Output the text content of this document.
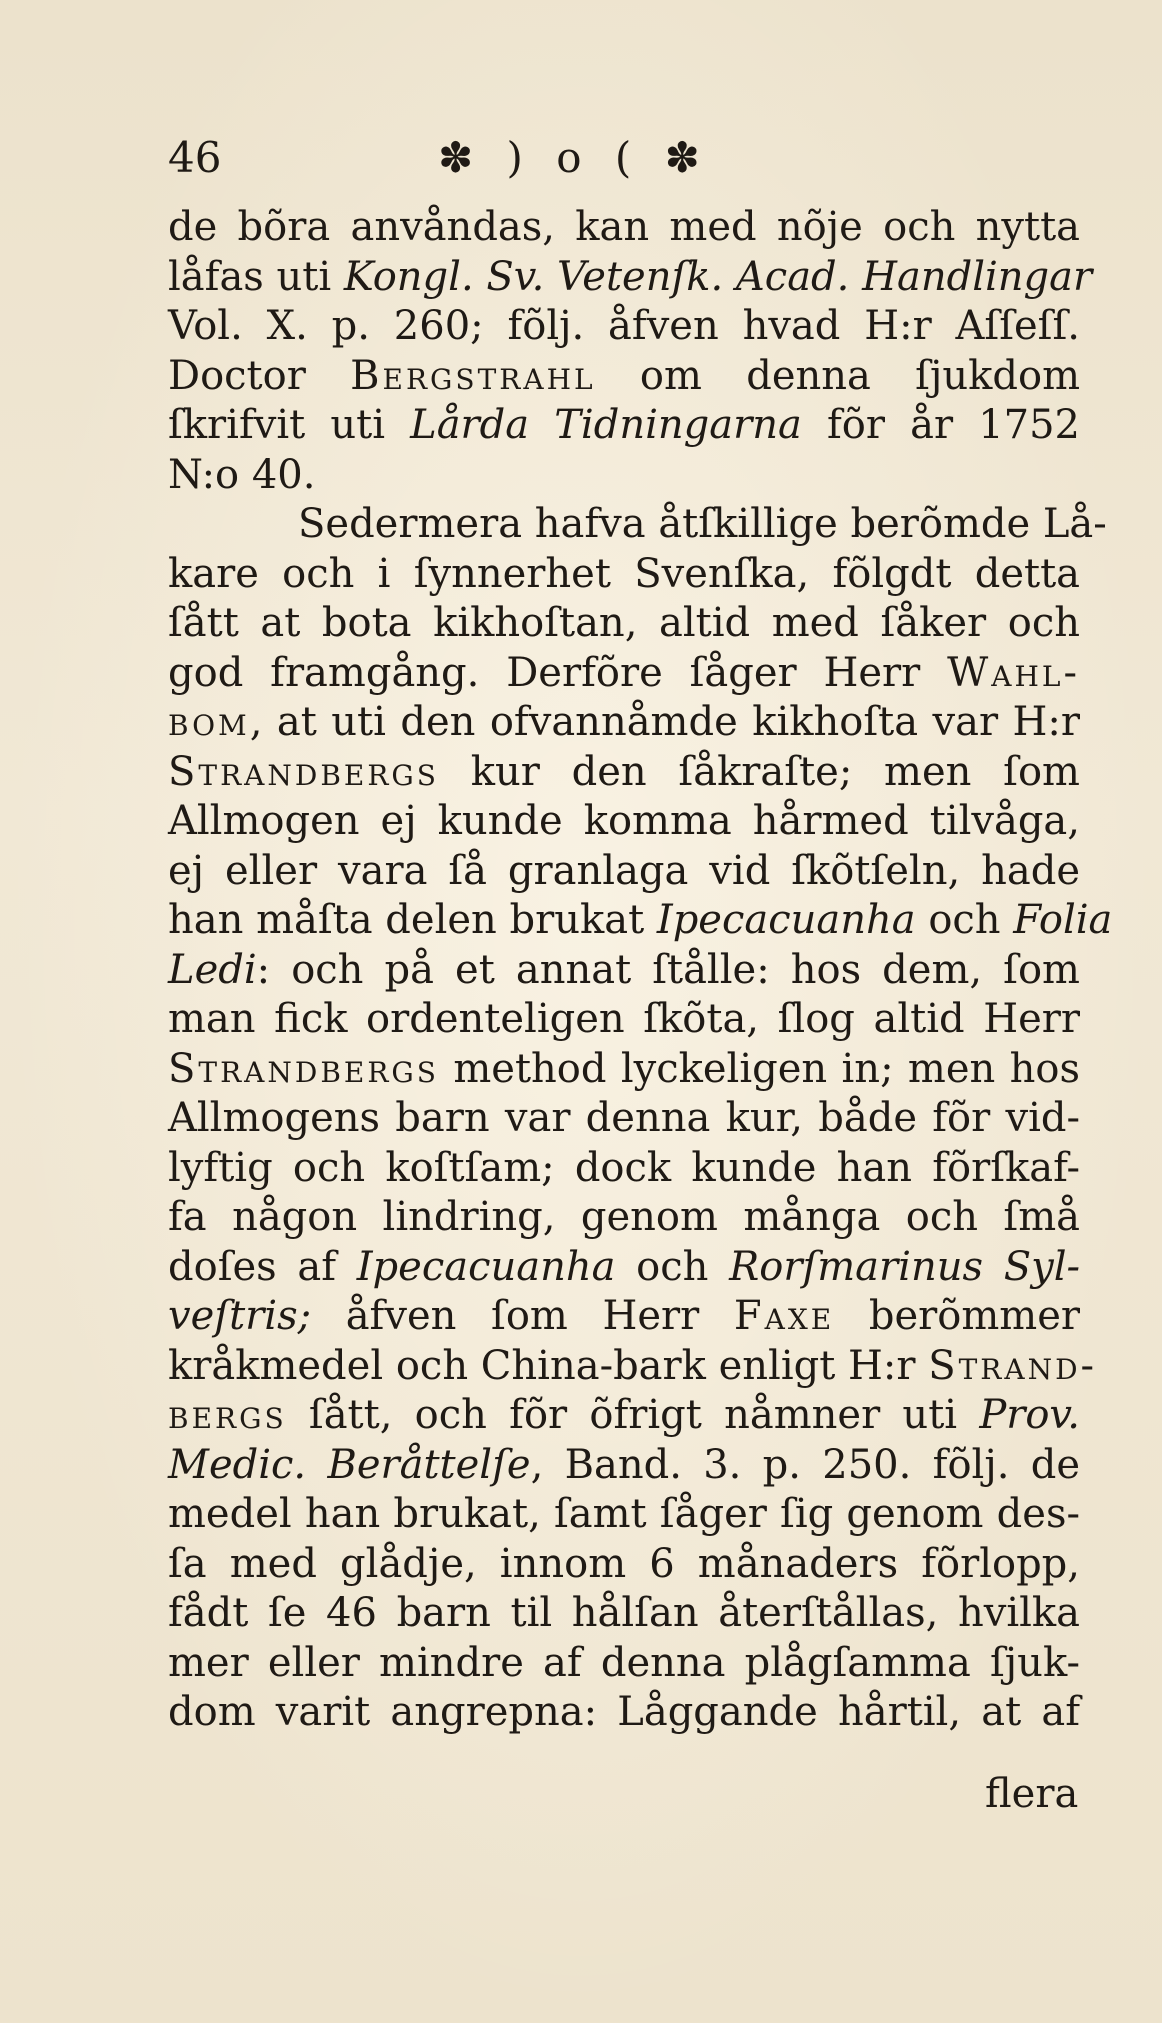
46	✽ ) o ( ✽
de bõra anvåndas, kan med nõje och nytta
låfas uti Kongl. Sv. Vetenſk. Acad. Handlingar
Vol. X. p. 260; fõlj. åfven hvad H:r Aſſeſſ.
Doctor Bergstrahl om denna ſjukdom
ſkrifvit uti Lårda Tidningarna fõr år 1752
N:o 40.
Sedermera hafva åtſkillige berõmde Lå-
kare och i ſynnerhet Svenſka, fõlgdt detta
ſått at bota kikhoſtan, altid med ſåker och
god framgång. Derfõre ſåger Herr Wahl-
bom, at uti den ofvannåmde kikhoſta var H:r
Strandbergs kur den ſåkraſte; men ſom
Allmogen ej kunde komma hårmed tilvåga,
ej eller vara ſå granlaga vid ſkõtſeln, hade
han måſta delen brukat Ipecacuanha och Folia
Ledi: och på et annat ſtålle: hos dem, ſom
man fick ordenteligen ſkõta, ſlog altid Herr
Strandbergs method lyckeligen in; men hos
Allmogens barn var denna kur, både fõr vid-
lyftig och koſtſam; dock kunde han fõrſkaf-
fa någon lindring, genom många och ſmå
doſes af Ipecacuanha och Rorſmarinus Syl-
veſtris; åfven ſom Herr Faxe berõmmer
kråkmedel och China-bark enligt H:r Strand-
bergs ſått, och fõr õfrigt nåmner uti Prov.
Medic. Beråttelſe, Band. 3. p. 250. fõlj. de
medel han brukat, ſamt ſåger ſig genom des-
ſa med glådje, innom 6 månaders fõrlopp,
fådt ſe 46 barn til hålſan återſtållas, hvilka
mer eller mindre af denna plågſamma ſjuk-
dom varit angrepna: Låggande hårtil, at af
flera
